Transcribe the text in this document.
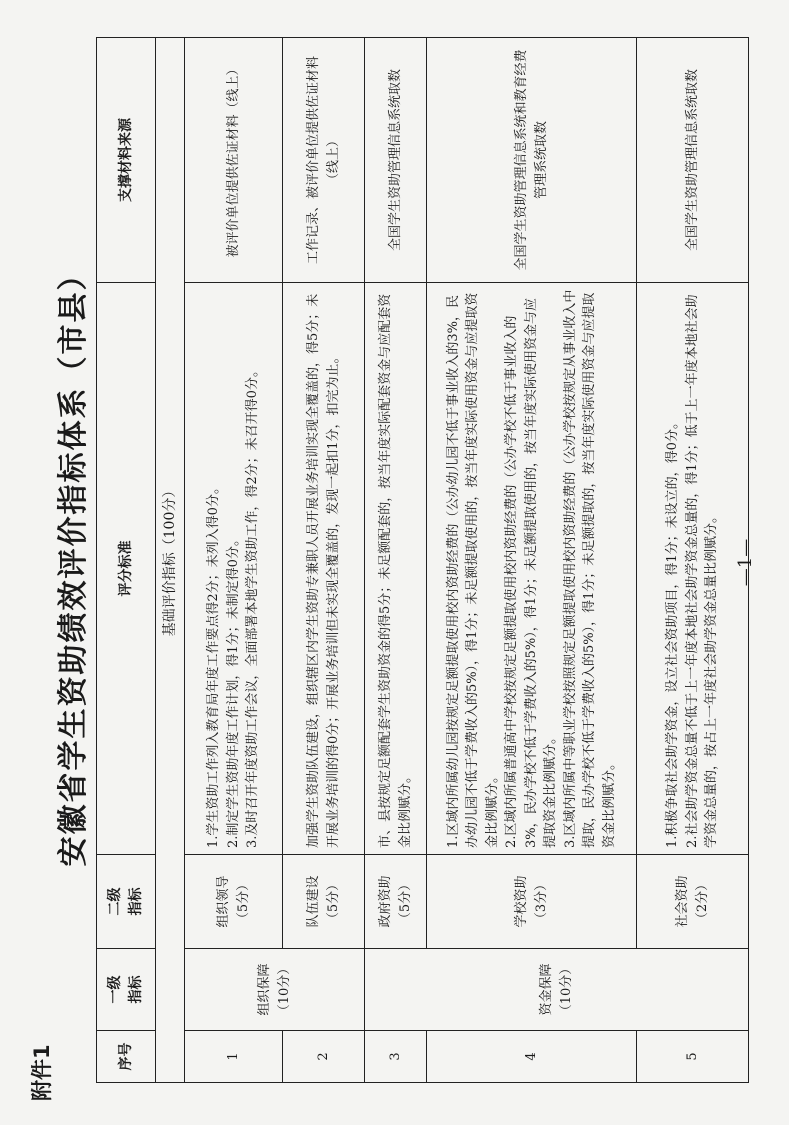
附件1
安徽省学生资助绩效评价指标体系（市县）
序号	一级 指标	二级 指标	评分标准	支撑材料来源
基础评价指标（100分）				
1	组织保障 （10分）	组织领导 （5分）	1.学生资助工作列入教育局年度工作要点得2分；未列入得0分。 2.制定学生资助年度工作计划，得1分；未制定得0分。 3.及时召开年度资助工作会议，全面部署本地学生资助工作，得2分；未召开得0分。	被评价单位提供佐证材料（线上）
2		队伍建设 （5分）	加强学生资助队伍建设，组织辖区内学生资助专兼职人员开展业务培训实现全覆盖的，得5分；未开展业务培训的得0分；开展业务培训但未实现全覆盖的，发现一起扣1分，扣完为止。	工作记录、被评价单位提供佐证材料（线上）
3	资金保障 （10分）	政府资助 （5分）	市、县按规定足额配套学生资助资金的得5分；未足额配套的，按当年度实际配套资金与应配套资金比例赋分。	全国学生资助管理信息系统取数
4		学校资助 （3分）	1.区域内所属幼儿园按规定足额提取使用校内资助经费的（公办幼儿园不低于事业收入的3%，民办幼儿园不低于学费收入的5%），得1分；未足额提取使用的，按当年度实际使用资金与应提取资金比例赋分。 2.区域内所属普通高中学校按规定足额提取使用校内资助经费的（公办学校不低于事业收入的3%，民办学校不低于学费收入的5%），得1分；未足额提取使用的，按当年度实际使用资金与应提取资金比例赋分。 3.区域内所属中等职业学校按照规定足额提取使用校内资助经费的（公办学校按规定从事业收入中提取，民办学校不低于学费收入的5%），得1分；未足额提取的，按当年度实际使用资金与应提取资金比例赋分。	全国学生资助管理信息系统和教育经费管理系统取数
5		社会资助 （2分）	1.积极争取社会助学资金，设立社会资助项目，得1分；未设立的，得0分。 2.社会助学资金总量不低于上一年度本地社会助学资金总量的，得1分；低于上一年度本地社会助学资金总量的，按占上一年度社会助学资金总量比例赋分。	全国学生资助管理信息系统取数
—1—
